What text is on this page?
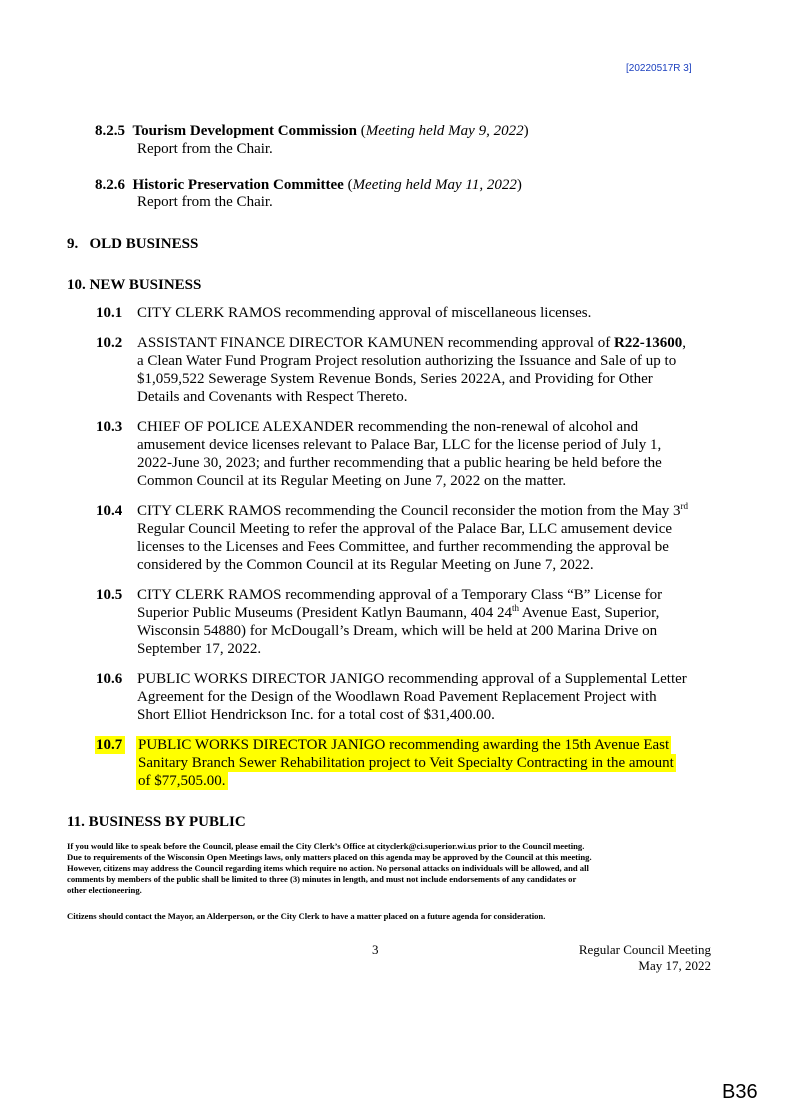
[20220517R 3]
8.2.5 Tourism Development Commission (Meeting held May 9, 2022)
Report from the Chair.
8.2.6 Historic Preservation Committee (Meeting held May 11, 2022)
Report from the Chair.
9.   OLD BUSINESS
10. NEW BUSINESS
10.1 CITY CLERK RAMOS recommending approval of miscellaneous licenses.
10.2 ASSISTANT FINANCE DIRECTOR KAMUNEN recommending approval of R22-13600,
a Clean Water Fund Program Project resolution authorizing the Issuance and Sale of up to
$1,059,522 Sewerage System Revenue Bonds, Series 2022A, and Providing for Other
Details and Covenants with Respect Thereto.
10.3 CHIEF OF POLICE ALEXANDER recommending the non-renewal of alcohol and
amusement device licenses relevant to Palace Bar, LLC for the license period of July 1,
2022-June 30, 2023; and further recommending that a public hearing be held before the
Common Council at its Regular Meeting on June 7, 2022 on the matter.
10.4 CITY CLERK RAMOS recommending the Council reconsider the motion from the May 3rd
Regular Council Meeting to refer the approval of the Palace Bar, LLC amusement device
licenses to the Licenses and Fees Committee, and further recommending the approval be
considered by the Common Council at its Regular Meeting on June 7, 2022.
10.5 CITY CLERK RAMOS recommending approval of a Temporary Class “B” License for
Superior Public Museums (President Katlyn Baumann, 404 24th Avenue East, Superior,
Wisconsin 54880) for McDougall’s Dream, which will be held at 200 Marina Drive on
September 17, 2022.
10.6 PUBLIC WORKS DIRECTOR JANIGO recommending approval of a Supplemental Letter
Agreement for the Design of the Woodlawn Road Pavement Replacement Project with
Short Elliot Hendrickson Inc. for a total cost of $31,400.00.
10.7 PUBLIC WORKS DIRECTOR JANIGO recommending awarding the 15th Avenue East
Sanitary Branch Sewer Rehabilitation project to Veit Specialty Contracting in the amount
of $77,505.00.
11. BUSINESS BY PUBLIC
If you would like to speak before the Council, please email the City Clerk’s Office at cityclerk@ci.superior.wi.us prior to the Council meeting.
Due to requirements of the Wisconsin Open Meetings laws, only matters placed on this agenda may be approved by the Council at this meeting.
However, citizens may address the Council regarding items which require no action. No personal attacks on individuals will be allowed, and all
comments by members of the public shall be limited to three (3) minutes in length, and must not include endorsements of any candidates or
other electioneering.
Citizens should contact the Mayor, an Alderperson, or the City Clerk to have a matter placed on a future agenda for consideration.
3	Regular Council Meeting
May 17, 2022
B36
